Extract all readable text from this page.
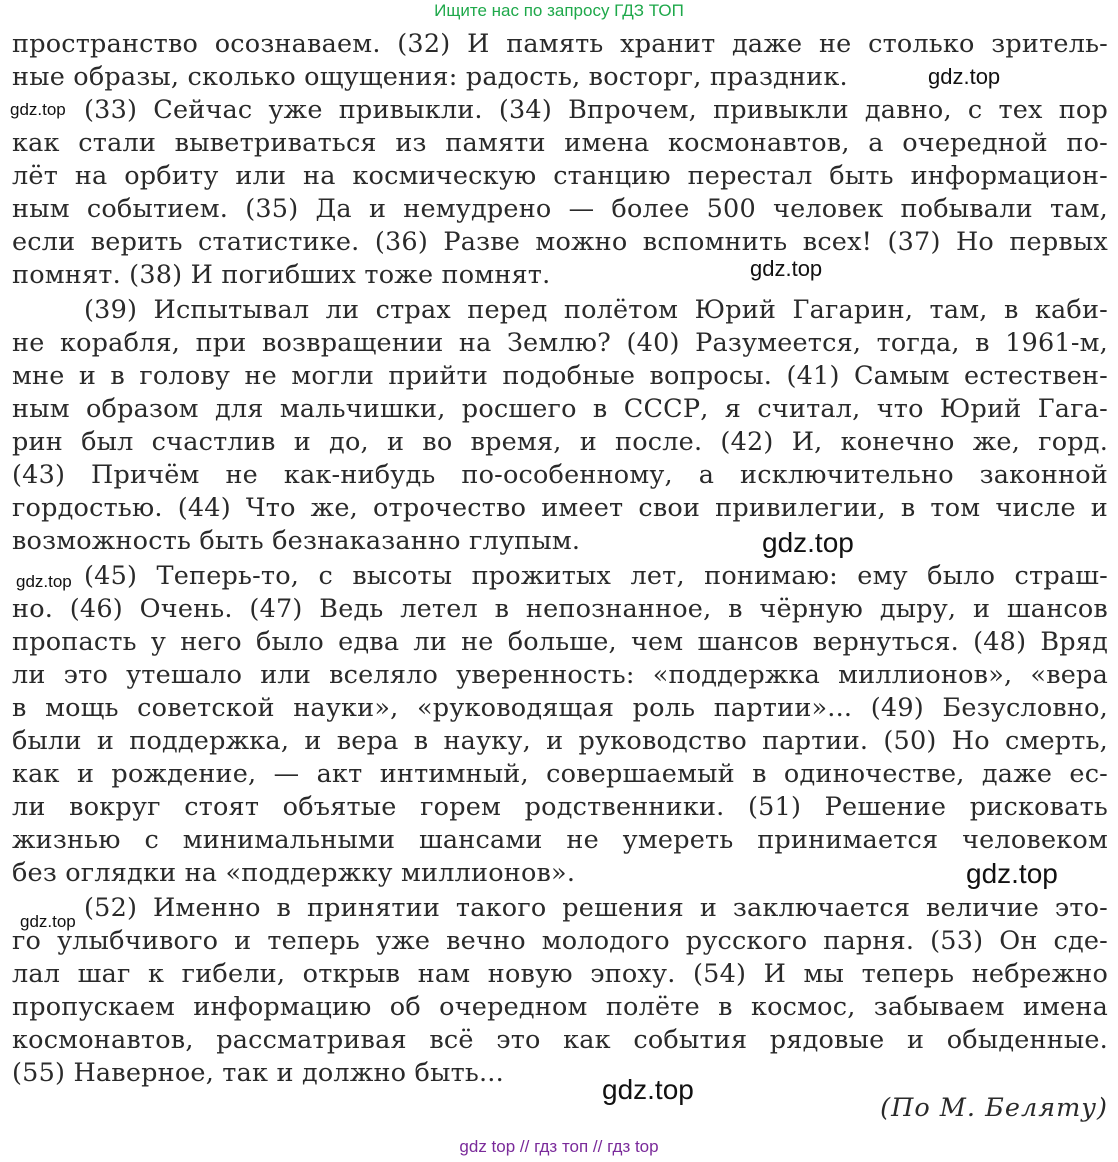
Ищите нас по запросу ГДЗ ТОП
пространство осознаваем. (32) И память хранит даже не столько зритель-
ные образы, сколько ощущения: радость, восторг, праздник.
(33) Сейчас уже привыкли. (34) Впрочем, привыкли давно, с тех пор
как стали выветриваться из памяти имена космонавтов, а очередной по-
лёт на орбиту или на космическую станцию перестал быть информацион-
ным событием. (35) Да и немудрено — более 500 человек побывали там,
если верить статистике. (36) Разве можно вспомнить всех! (37) Но первых
помнят. (38) И погибших тоже помнят.
(39) Испытывал ли страх перед полётом Юрий Гагарин, там, в каби-
не корабля, при возвращении на Землю? (40) Разумеется, тогда, в 1961-м,
мне и в голову не могли прийти подобные вопросы. (41) Самым естествен-
ным образом для мальчишки, росшего в СССР, я считал, что Юрий Гага-
рин был счастлив и до, и во время, и после. (42) И, конечно же, горд.
(43) Причём не как-нибудь по-особенному, а исключительно законной
гордостью. (44) Что же, отрочество имеет свои привилегии, в том числе и
возможность быть безнаказанно глупым.
(45) Теперь-то, с высоты прожитых лет, понимаю: ему было страш-
но. (46) Очень. (47) Ведь летел в непознанное, в чёрную дыру, и шансов
пропасть у него было едва ли не больше, чем шансов вернуться. (48) Вряд
ли это утешало или вселяло уверенность: «поддержка миллионов», «вера
в мощь советской науки», «руководящая роль партии»... (49) Безусловно,
были и поддержка, и вера в науку, и руководство партии. (50) Но смерть,
как и рождение, — акт интимный, совершаемый в одиночестве, даже ес-
ли вокруг стоят объятые горем родственники. (51) Решение рисковать
жизнью с минимальными шансами не умереть принимается человеком
без оглядки на «поддержку миллионов».
(52) Именно в принятии такого решения и заключается величие это-
го улыбчивого и теперь уже вечно молодого русского парня. (53) Он сде-
лал шаг к гибели, открыв нам новую эпоху. (54) И мы теперь небрежно
пропускаем информацию об очередном полёте в космос, забываем имена
космонавтов, рассматривая всё это как события рядовые и обыденные.
(55) Наверное, так и должно быть...
(По М. Беляту)
gdz.top
gdz.top
gdz.top
gdz.top
gdz.top
gdz.top
gdz.top
gdz.top
gdz top // гдз топ // гдз top
